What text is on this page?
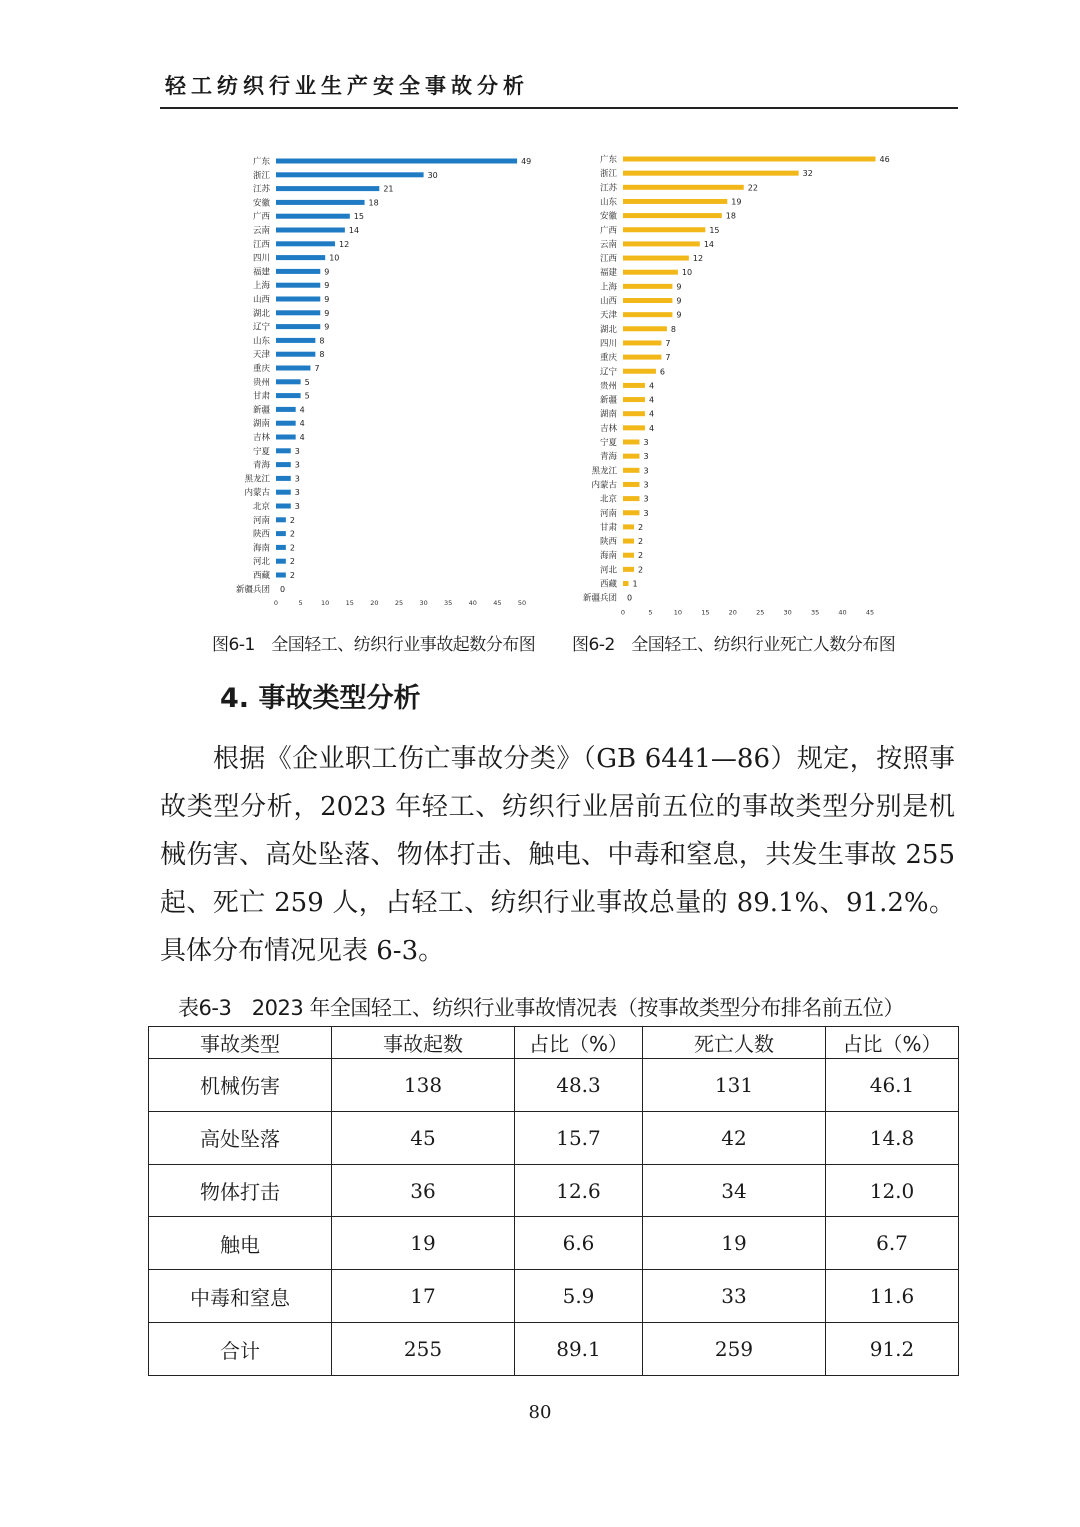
轻工纺织行业生产安全事故分析
广东	49
浙江	30
江苏	21
安徽	18
广西	15
云南	14
江西	12
四川	10
福建	9
上海	9
山西	9
湖北	9
辽宁	9
山东	8
天津	8
重庆	7
贵州	5
甘肃	5
新疆	4
湖南	4
吉林	4
宁夏	3
青海	3
黑龙江	3
内蒙古	3
北京	3
河南 2
陕西 2
海南 2
河北 2
西藏 2
新疆兵团 0
0	5	10	15	20	25	30	35	40	45	50
广东	46
浙江	32
江苏	22
山东	19
安徽	18
广西	15
云南	14
江西	12
福建	10
上海	9
山西	9
天津	9
湖北	8
四川	7
重庆	7
辽宁	6
贵州	4
新疆	4
湖南	4
吉林	4
宁夏	3
青海	3
黑龙江	3
内蒙古	3
北京	3
河南	3
甘肃	2
陕西	2
海南	2
河北	2
西藏 1
新疆兵团 0
0	5	10	15	20	25	30	35	40	45
图6-1　全国轻工、纺织行业事故起数分布图 图6-2　全国轻工、纺织行业死亡人数分布图
4. 事故类型分析
　　根据《企业职工伤亡事故分类》（GB 6441—86）规定，按照事故类型分析，2023 年轻工、纺织行业居前五位的事故类型分别是机械伤害、高处坠落、物体打击、触电、中毒和窒息，共发生事故 255 起、死亡 259 人，占轻工、纺织行业事故总量的 89.1%、91.2%。具体分布情况见表 6-3。
表6-3　2023 年全国轻工、纺织行业事故情况表（按事故类型分布排名前五位）
事故类型	事故起数	占比（%）	死亡人数	占比（%）
机械伤害	138	48.3	131	46.1
高处坠落	45	15.7	42	14.8
物体打击	36	12.6	34	12.0
触电	19	6.6	19	6.7
中毒和窒息	17	5.9	33	11.6
合计	255	89.1	259	91.2
80
